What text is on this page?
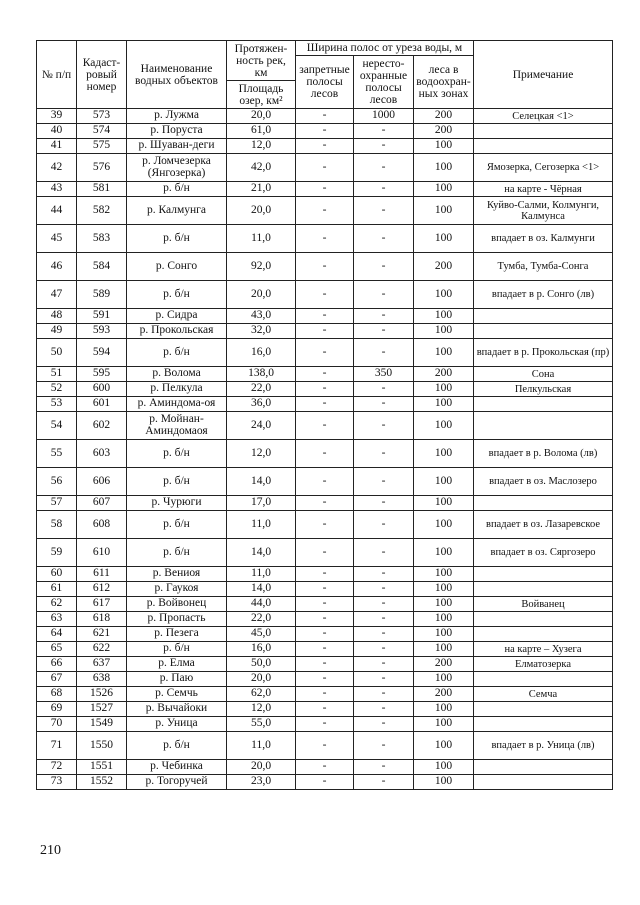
№ п/п	Кадаст-ровый номер	Наименование водных объектов	Протяжен-ность рек, км	Ширина полос от уреза воды, м			Примечание
				запретные полосы лесов	нересто-охранные полосы лесов	леса в водоохран-ных зонах	
			Площадь озер, км²				
39	573	р. Лужма	20,0	-	1000	200	Селецкая <1>
40	574	р. Поруста	61,0	-	-	200	
41	575	р. Шуаван-деги	12,0	-	-	100	
42	576	р. Ломчезерка (Янгозерка)	42,0	-	-	100	Ямозерка, Сегозерка <1>
43	581	р. б/н	21,0	-	-	100	на карте - Чёрная
44	582	р. Калмунга	20,0	-	-	100	Куйво-Салми, Колмунги, Калмунса
45	583	р. б/н	11,0	-	-	100	впадает в оз. Калмунги
46	584	р. Сонго	92,0	-	-	200	Тумба, Тумба-Сонга
47	589	р. б/н	20,0	-	-	100	впадает в р. Сонго (лв)
48	591	р. Сидра	43,0	-	-	100	
49	593	р. Прокольская	32,0	-	-	100	
50	594	р. б/н	16,0	-	-	100	впадает в р. Прокольская (пр)
51	595	р. Волома	138,0	-	350	200	Сона
52	600	р. Пелкула	22,0	-	-	100	Пелкульская
53	601	р. Аминдома-оя	36,0	-	-	100	
54	602	р. Мойнан-Аминдомаоя	24,0	-	-	100	
55	603	р. б/н	12,0	-	-	100	впадает в р. Волома (лв)
56	606	р. б/н	14,0	-	-	100	впадает в оз. Маслозеро
57	607	р. Чурюги	17,0	-	-	100	
58	608	р. б/н	11,0	-	-	100	впадает в оз. Лазаревское
59	610	р. б/н	14,0	-	-	100	впадает в оз. Сяргозеро
60	611	р. Вениоя	11,0	-	-	100	
61	612	р. Гаукоя	14,0	-	-	100	
62	617	р. Войвонец	44,0	-	-	100	Войванец
63	618	р. Пропасть	22,0	-	-	100	
64	621	р. Пезега	45,0	-	-	100	
65	622	р. б/н	16,0	-	-	100	на карте – Хузега
66	637	р. Елма	50,0	-	-	200	Елматозерка
67	638	р. Паю	20,0	-	-	100	
68	1526	р. Семчь	62,0	-	-	200	Семча
69	1527	р. Вычайоки	12,0	-	-	100	
70	1549	р. Уница	55,0	-	-	100	
71	1550	р. б/н	11,0	-	-	100	впадает в р. Уница (лв)
72	1551	р. Чебинка	20,0	-	-	100	
73	1552	р. Тогоручей	23,0	-	-	100	
210
